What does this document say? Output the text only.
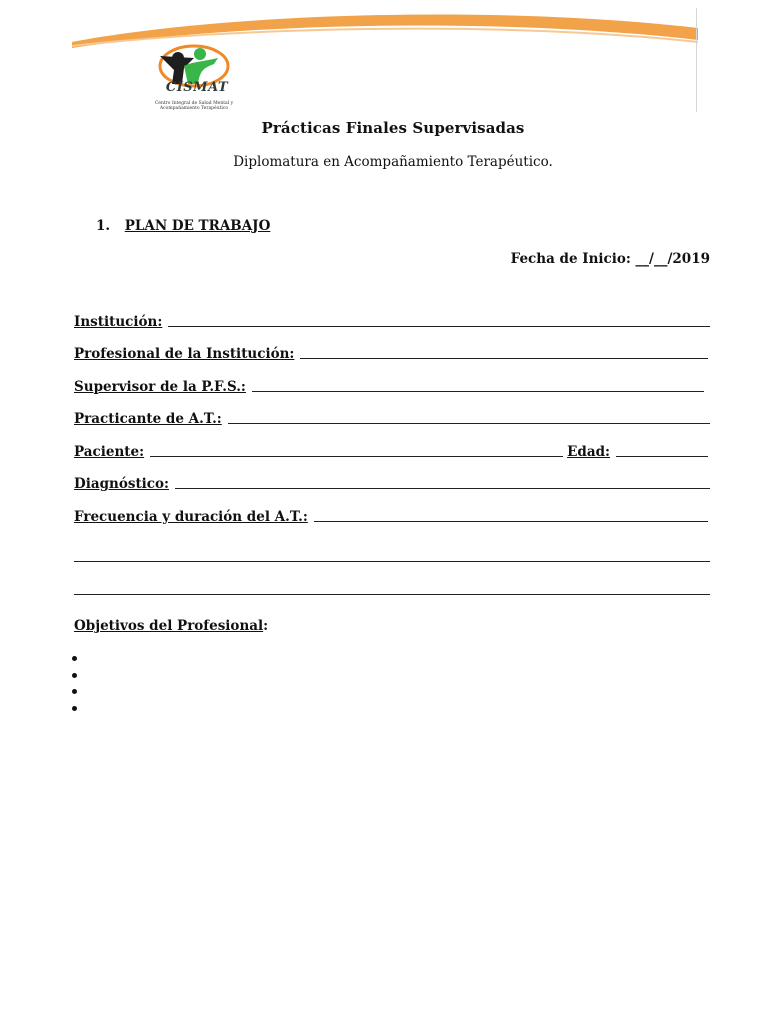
CISMAT
Centro Integral de Salud Mental y Acompañamiento Terapéutico
Prácticas Finales Supervisadas
Diplomatura en Acompañamiento Terapéutico.
1. PLAN DE TRABAJO
Fecha de Inicio: __/__/2019
Institución:
Profesional de la Institución:
Supervisor de la P.F.S.:
Practicante de A.T.:
Paciente:	Edad:
Diagnóstico:
Frecuencia y duración del A.T.:
Objetivos del Profesional:
